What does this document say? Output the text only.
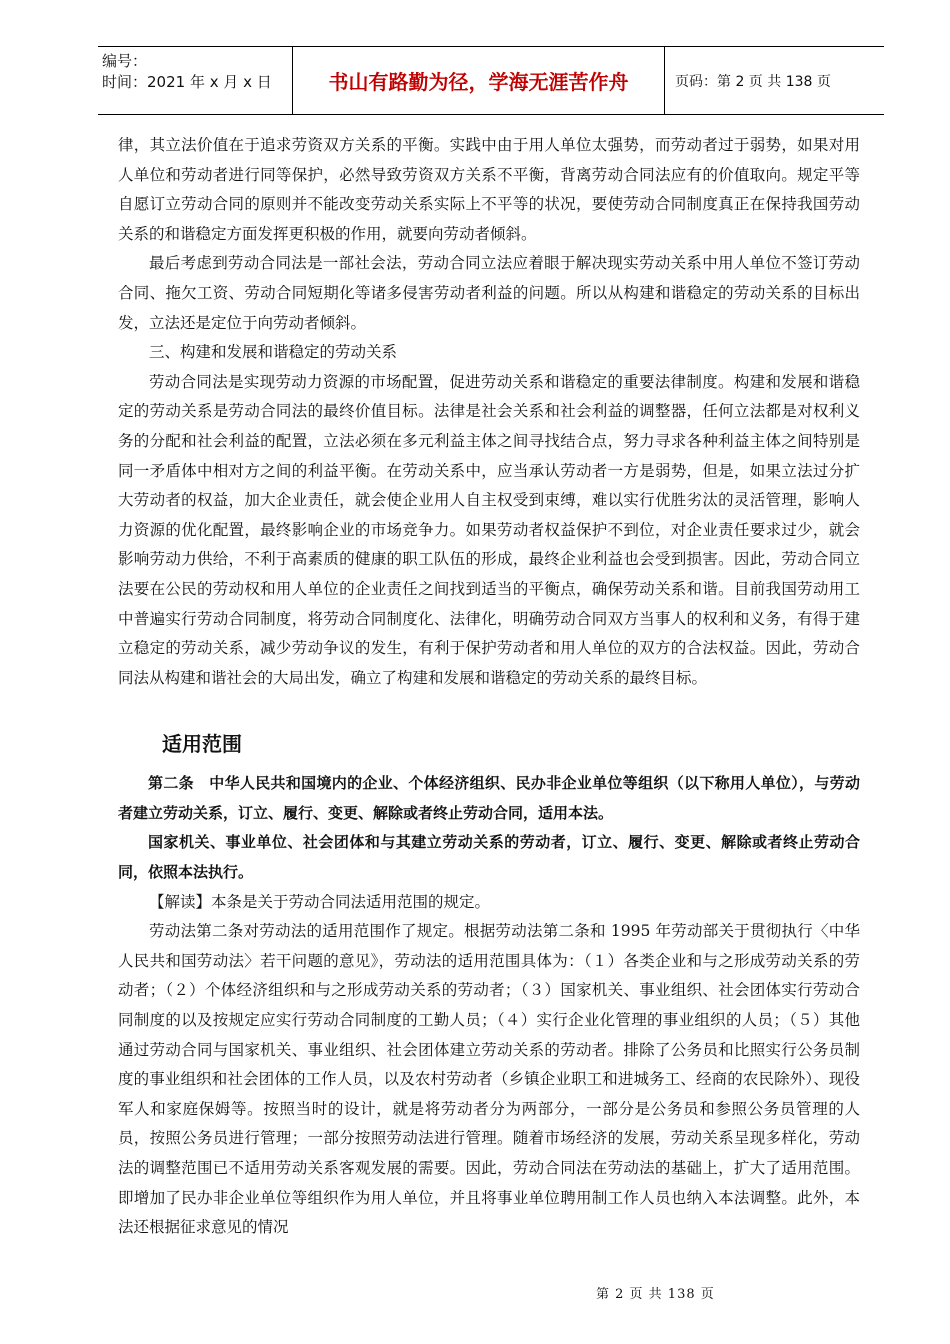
编号：
时间：2021 年 x 月 x 日	书山有路勤为径，学海无涯苦作舟	页码：第 2 页 共 138 页

律，其立法价值在于追求劳资双方关系的平衡。实践中由于用人单位太强势，而劳动者过于弱势，如果对用人单位和劳动者进行同等保护，必然导致劳资双方关系不平衡，背离劳动合同法应有的价值取向。规定平等自愿订立劳动合同的原则并不能改变劳动关系实际上不平等的状况，要使劳动合同制度真正在保持我国劳动关系的和谐稳定方面发挥更积极的作用，就要向劳动者倾斜。

最后考虑到劳动合同法是一部社会法，劳动合同立法应着眼于解决现实劳动关系中用人单位不签订劳动合同、拖欠工资、劳动合同短期化等诸多侵害劳动者利益的问题。所以从构建和谐稳定的劳动关系的目标出发，立法还是定位于向劳动者倾斜。

三、构建和发展和谐稳定的劳动关系

劳动合同法是实现劳动力资源的市场配置，促进劳动关系和谐稳定的重要法律制度。构建和发展和谐稳定的劳动关系是劳动合同法的最终价值目标。法律是社会关系和社会利益的调整器，任何立法都是对权利义务的分配和社会利益的配置，立法必须在多元利益主体之间寻找结合点，努力寻求各种利益主体之间特别是同一矛盾体中相对方之间的利益平衡。在劳动关系中，应当承认劳动者一方是弱势，但是，如果立法过分扩大劳动者的权益，加大企业责任，就会使企业用人自主权受到束缚，难以实行优胜劣汰的灵活管理，影响人力资源的优化配置，最终影响企业的市场竞争力。如果劳动者权益保护不到位，对企业责任要求过少，就会影响劳动力供给，不利于高素质的健康的职工队伍的形成，最终企业利益也会受到损害。因此，劳动合同立法要在公民的劳动权和用人单位的企业责任之间找到适当的平衡点，确保劳动关系和谐。目前我国劳动用工中普遍实行劳动合同制度，将劳动合同制度化、法律化，明确劳动合同双方当事人的权利和义务，有得于建立稳定的劳动关系，减少劳动争议的发生，有利于保护劳动者和用人单位的双方的合法权益。因此，劳动合同法从构建和谐社会的大局出发，确立了构建和发展和谐稳定的劳动关系的最终目标。

适用范围

第二条　中华人民共和国境内的企业、个体经济组织、民办非企业单位等组织（以下称用人单位），与劳动者建立劳动关系，订立、履行、变更、解除或者终止劳动合同，适用本法。

国家机关、事业单位、社会团体和与其建立劳动关系的劳动者，订立、履行、变更、解除或者终止劳动合同，依照本法执行。

【解读】本条是关于劳动合同法适用范围的规定。

劳动法第二条对劳动法的适用范围作了规定。根据劳动法第二条和 1995 年劳动部关于贯彻执行〈中华人民共和国劳动法〉若干问题的意见》，劳动法的适用范围具体为：（１）各类企业和与之形成劳动关系的劳动者；（２）个体经济组织和与之形成劳动关系的劳动者；（３）国家机关、事业组织、社会团体实行劳动合同制度的以及按规定应实行劳动合同制度的工勤人员；（４）实行企业化管理的事业组织的人员；（５）其他通过劳动合同与国家机关、事业组织、社会团体建立劳动关系的劳动者。排除了公务员和比照实行公务员制度的事业组织和社会团体的工作人员，以及农村劳动者（乡镇企业职工和进城务工、经商的农民除外）、现役军人和家庭保姆等。按照当时的设计，就是将劳动者分为两部分，一部分是公务员和参照公务员管理的人员，按照公务员进行管理；一部分按照劳动法进行管理。随着市场经济的发展，劳动关系呈现多样化，劳动法的调整范围已不适用劳动关系客观发展的需要。因此，劳动合同法在劳动法的基础上，扩大了适用范围。即增加了民办非企业单位等组织作为用人单位，并且将事业单位聘用制工作人员也纳入本法调整。此外，本法还根据征求意见的情况

第 2 页 共 138 页
